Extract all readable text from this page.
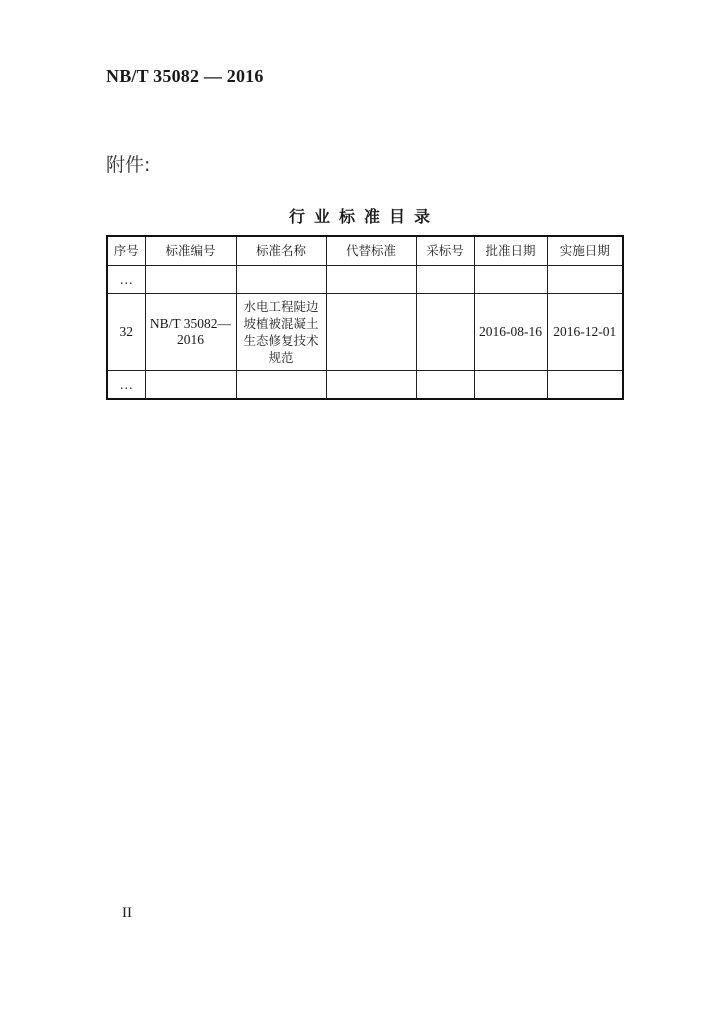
NB/T 35082 — 2016
附件:
行业标准目录
序号	标准编号	标准名称	代替标准	采标号	批准日期	实施日期
…						
32	NB/T 35082—2016	水电工程陡边坡植被混凝土生态修复技术规范			2016-08-16	2016-12-01
…						
II
